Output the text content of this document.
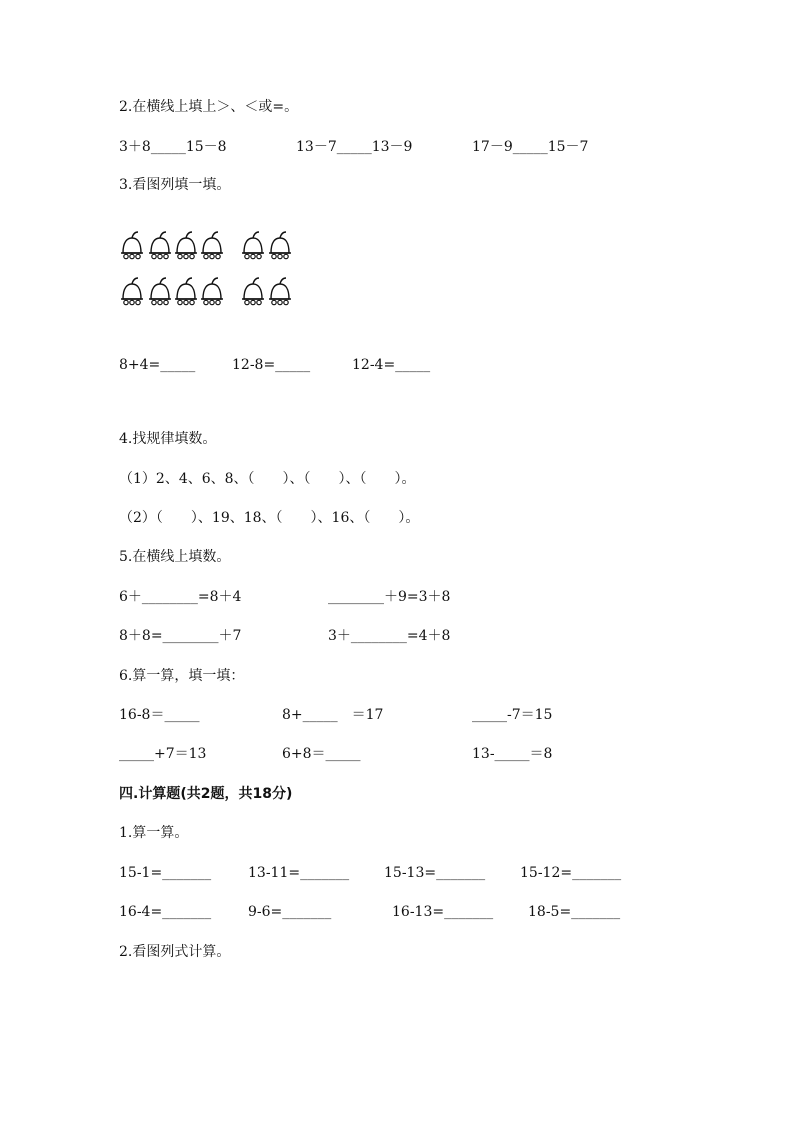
2.在横线上填上＞、＜或=。
3＋8_____15－8	13－7_____13－9	17－9_____15－7
3.看图列填一填。
8+4=_____	12-8=_____	12-4=_____
4.找规律填数。
（1）2、4、6、8、（　　）、（　　）、（　　）。
（2）（　　）、19、18、（　　）、16、（　　）。
5.在横线上填数。
6＋________=8＋4	________＋9=3＋8
8＋8=________＋7	3＋________=4＋8
6.算一算，填一填：
16-8＝_____	8+_____　＝17	_____-7＝15
_____+7＝13	6+8＝_____	13-_____＝8
四.计算题(共2题，共18分)
1.算一算。
15-1=_______	13-11=_______ 15-13=_______ 15-12=_______
16-4=_______	9-6=_______	16-13=_______ 18-5=_______
2.看图列式计算。
